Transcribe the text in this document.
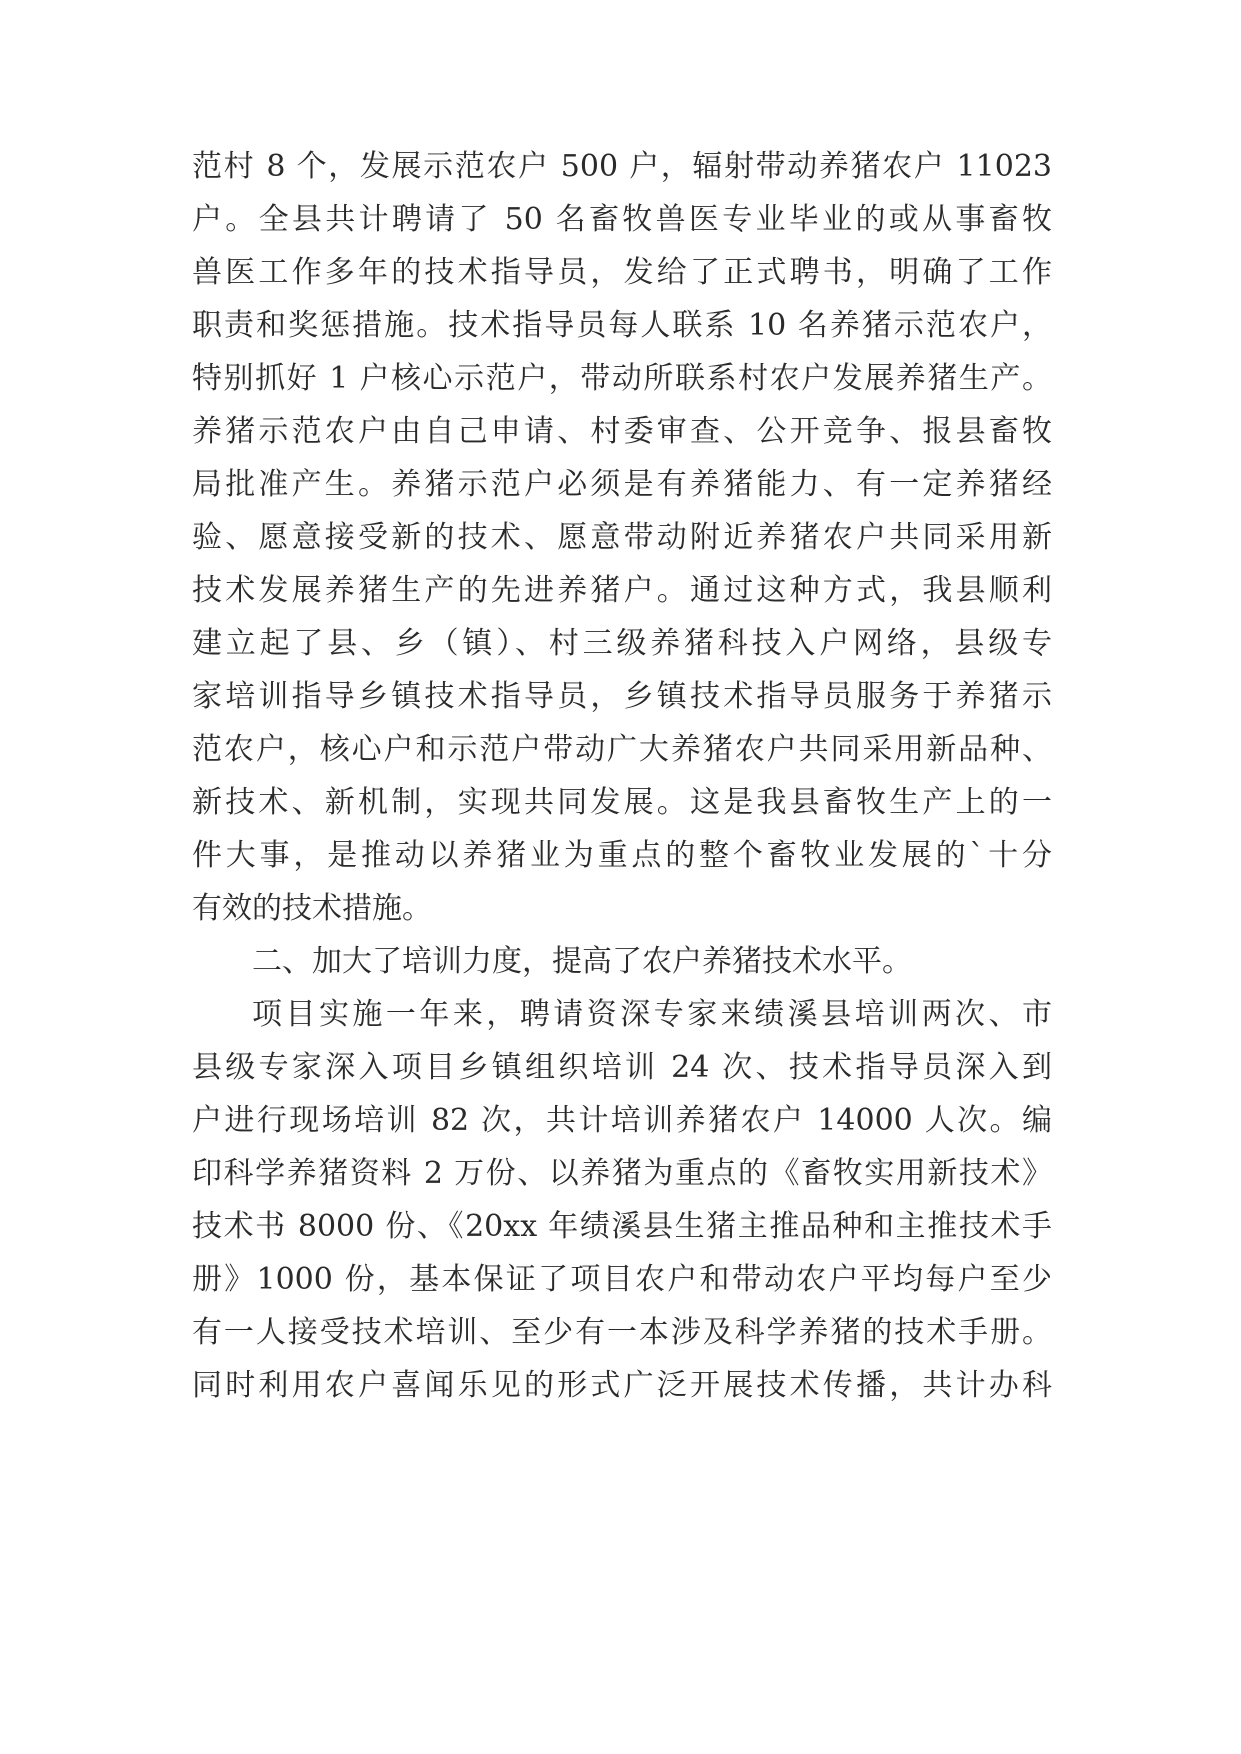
范村 8 个，发展示范农户 500 户，辐射带动养猪农户 11023
户。全县共计聘请了 50 名畜牧兽医专业毕业的或从事畜牧
兽医工作多年的技术指导员，发给了正式聘书，明确了工作
职责和奖惩措施。技术指导员每人联系 10 名养猪示范农户，
特别抓好 1 户核心示范户，带动所联系村农户发展养猪生产。
养猪示范农户由自己申请、村委审查、公开竞争、报县畜牧
局批准产生。养猪示范户必须是有养猪能力、有一定养猪经
验、愿意接受新的技术、愿意带动附近养猪农户共同采用新
技术发展养猪生产的先进养猪户。通过这种方式，我县顺利
建立起了县、乡（镇）、村三级养猪科技入户网络，县级专
家培训指导乡镇技术指导员，乡镇技术指导员服务于养猪示
范农户，核心户和示范户带动广大养猪农户共同采用新品种、
新技术、新机制，实现共同发展。这是我县畜牧生产上的一
件大事，是推动以养猪业为重点的整个畜牧业发展的`十分
有效的技术措施。
二、加大了培训力度，提高了农户养猪技术水平。
项目实施一年来，聘请资深专家来绩溪县培训两次、市
县级专家深入项目乡镇组织培训 24 次、技术指导员深入到
户进行现场培训 82 次，共计培训养猪农户 14000 人次。编
印科学养猪资料 2 万份、以养猪为重点的《畜牧实用新技术》
技术书 8000 份、《20xx 年绩溪县生猪主推品种和主推技术手
册》1000 份，基本保证了项目农户和带动农户平均每户至少
有一人接受技术培训、至少有一本涉及科学养猪的技术手册。
同时利用农户喜闻乐见的形式广泛开展技术传播，共计办科
